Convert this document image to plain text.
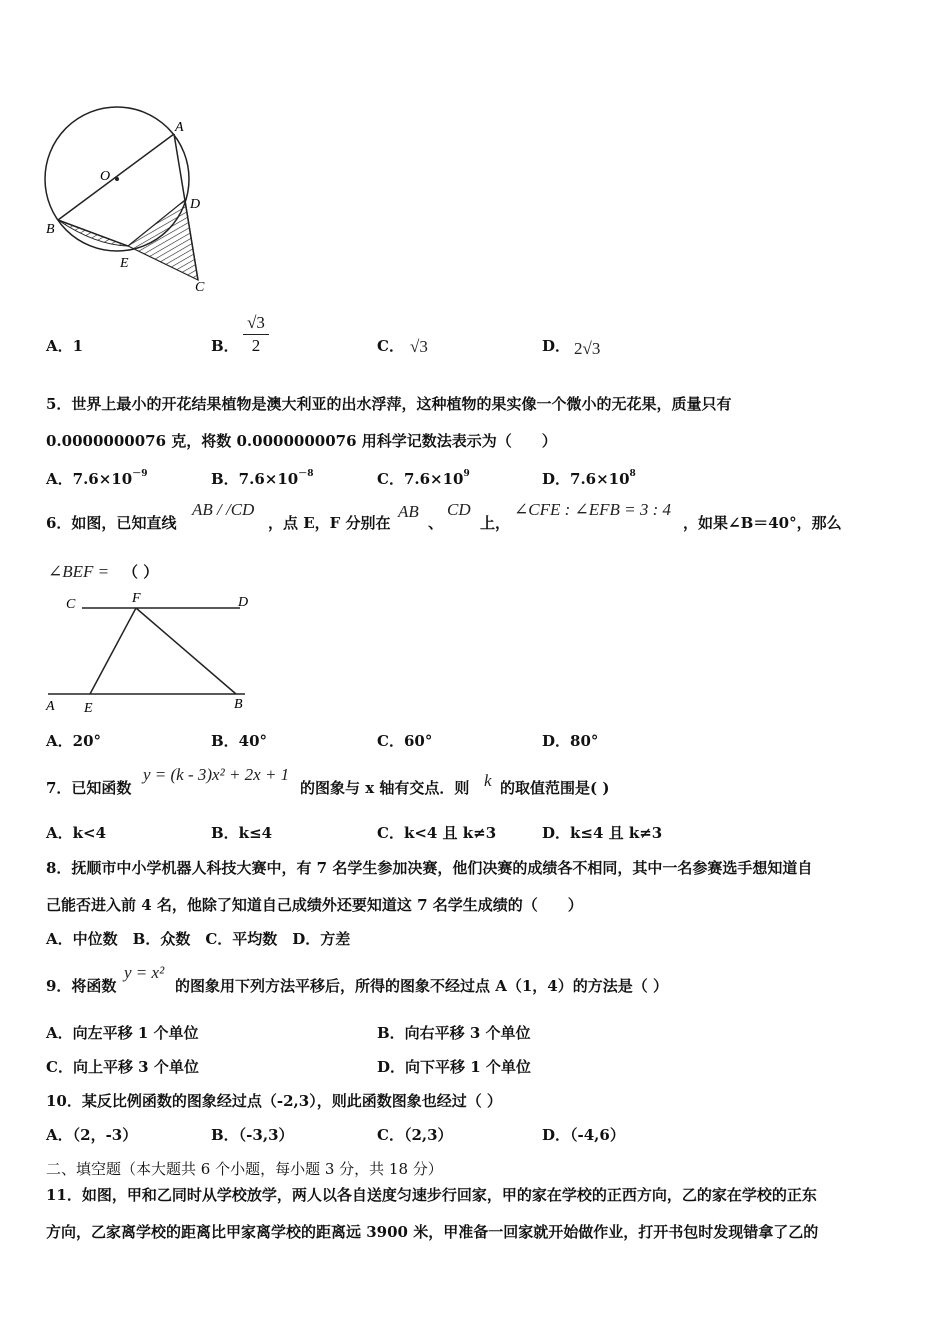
O
A
D
B
E
C
A．1	B．
√3
2	C． √3	D． 2√3
5．世界上最小的开花结果植物是澳大利亚的出水浮萍，这种植物的果实像一个微小的无花果，质量只有
0.0000000076 克，将数 0.0000000076 用科学记数法表示为（　　）
A．$7.6\times 10^{-9}$	B．$7.6\times 10^{-8}$	C．$7.6\times 10^9$	D．$7.6\times 10^8$
6．如图，已知直线
AB / /CD
，点 E，F 分别在
AB
、
CD
上，
∠CFE : ∠EFB = 3 : 4
，如果∠B＝40°，那么
∠BEF = （ ）
C	F	D
A E	B
A．20°	B．40°	C．60°	D．80°
7．已知函数
y = (k - 3)x² + 2x + 1
的图象与 x 轴有交点．则 k 的取值范围是( )
A．k<4	B．k≤4	C．k<4 且 k≠3	D．k≤4 且 k≠3
8．抚顺市中小学机器人科技大赛中，有 7 名学生参加决赛，他们决赛的成绩各不相同，其中一名参赛选手想知道自
己能否进入前 4 名，他除了知道自己成绩外还要知道这 7 名学生成绩的（　　）
A．中位数　B．众数　C．平均数　D．方差
9．将函数
y = x²
的图象用下列方法平移后，所得的图象不经过点 A（1，4）的方法是（ ）
A．向左平移 1 个单位	B．向右平移 3 个单位
C．向上平移 3 个单位	D．向下平移 1 个单位
10．某反比例函数的图象经过点（-2,3），则此函数图象也经过（ ）
A．（2，-3）	B．（-3,3）	C．（2,3）	D．（-4,6）
二、填空题（本大题共 6 个小题，每小题 3 分，共 18 分）
11．如图，甲和乙同时从学校放学，两人以各自送度匀速步行回家，甲的家在学校的正西方向，乙的家在学校的正东
方向，乙家离学校的距离比甲家离学校的距离远 3900 米，甲准备一回家就开始做作业，打开书包时发现错拿了乙的
